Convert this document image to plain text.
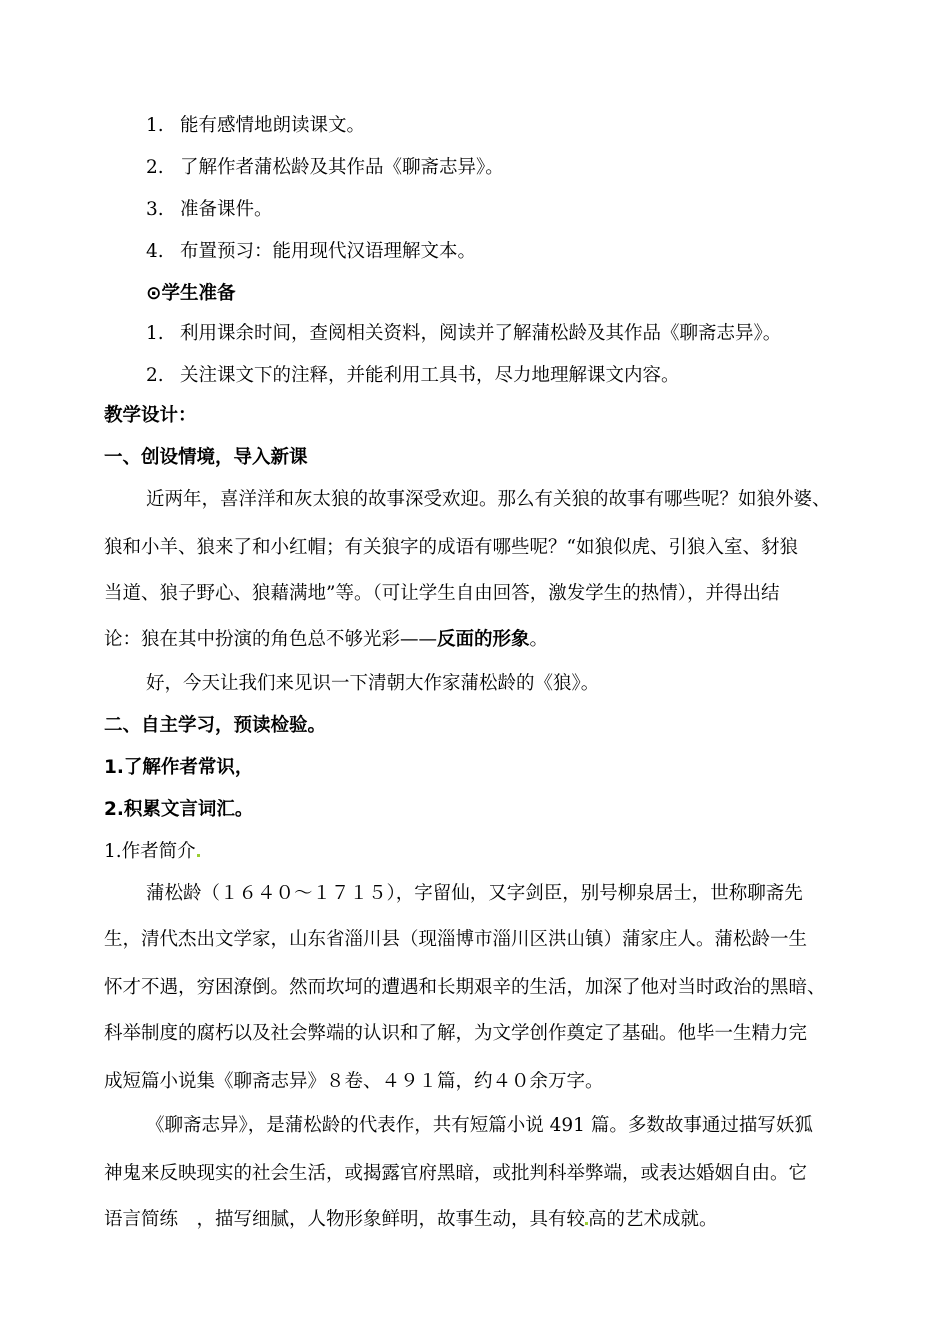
1. 能有感情地朗读课文。
2. 了解作者蒲松龄及其作品《聊斋志异》。
3. 准备课件。
4. 布置预习：能用现代汉语理解文本。
⊙学生准备
1. 利用课余时间，查阅相关资料，阅读并了解蒲松龄及其作品《聊斋志异》。
2. 关注课文下的注释，并能利用工具书，尽力地理解课文内容。
教学设计：
一、创设情境，导入新课
近两年，喜洋洋和灰太狼的故事深受欢迎。那么有关狼的故事有哪些呢？如狼外婆、
狼和小羊、狼来了和小红帽；有关狼字的成语有哪些呢？“如狼似虎、引狼入室、豺狼
当道、狼子野心、狼藉满地”等。（可让学生自由回答，激发学生的热情），并得出结
论：狼在其中扮演的角色总不够光彩——反面的形象。
好，今天让我们来见识一下清朝大作家蒲松龄的《狼》。
二、自主学习，预读检验。
1.了解作者常识，
2.积累文言词汇。
1.作者简介
蒲松龄（１６４０～１７１５），字留仙，又字剑臣，别号柳泉居士，世称聊斋先
生，清代杰出文学家，山东省淄川县（现淄博市淄川区洪山镇）蒲家庄人。蒲松龄一生
怀才不遇，穷困潦倒。然而坎坷的遭遇和长期艰辛的生活，加深了他对当时政治的黑暗、
科举制度的腐朽以及社会弊端的认识和了解，为文学创作奠定了基础。他毕一生精力完
成短篇小说集《聊斋志异》８卷、４９１篇，约４０余万字。
《聊斋志异》，是蒲松龄的代表作，共有短篇小说 491 篇。多数故事通过描写妖狐
神鬼来反映现实的社会生活，或揭露官府黑暗，或批判科举弊端，或表达婚姻自由。它
语言简练　，描写细腻，人物形象鲜明，故事生动，具有较 高的艺术成就。
